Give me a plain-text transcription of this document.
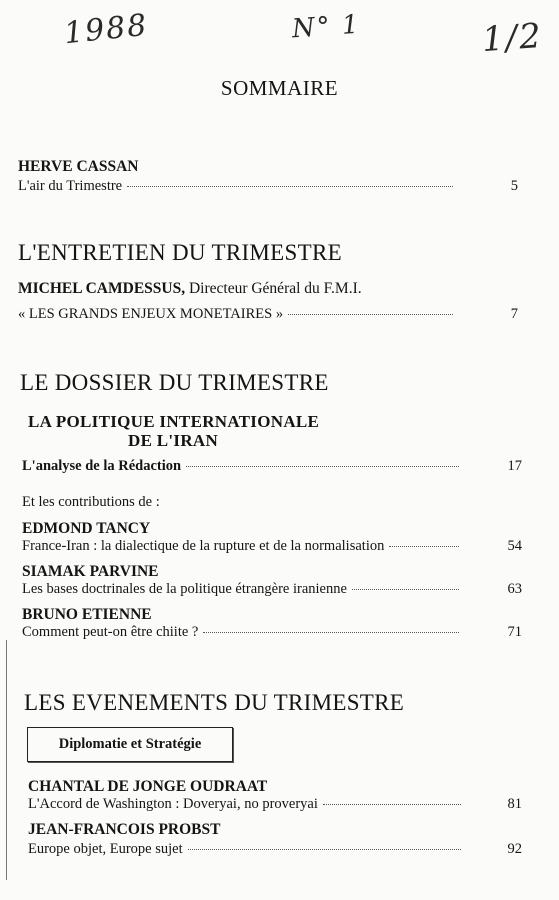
1988	N° 1	1/2
SOMMAIRE
HERVE CASSAN
L'air du Trimestre	5
L'ENTRETIEN DU TRIMESTRE
MICHEL CAMDESSUS, Directeur Général du F.M.I.
« LES GRANDS ENJEUX MONETAIRES »	7
LE DOSSIER DU TRIMESTRE
LA POLITIQUE INTERNATIONALE
DE L'IRAN
L'analyse de la Rédaction	17
Et les contributions de :
EDMOND TANCY
France-Iran : la dialectique de la rupture et de la normalisation	54
SIAMAK PARVINE
Les bases doctrinales de la politique étrangère iranienne	63
BRUNO ETIENNE
Comment peut-on être chiite ?	71
LES EVENEMENTS DU TRIMESTRE
Diplomatie et Stratégie
CHANTAL DE JONGE OUDRAAT
L'Accord de Washington : Doveryai, no proveryai	81
JEAN-FRANCOIS PROBST
Europe objet, Europe sujet	92
